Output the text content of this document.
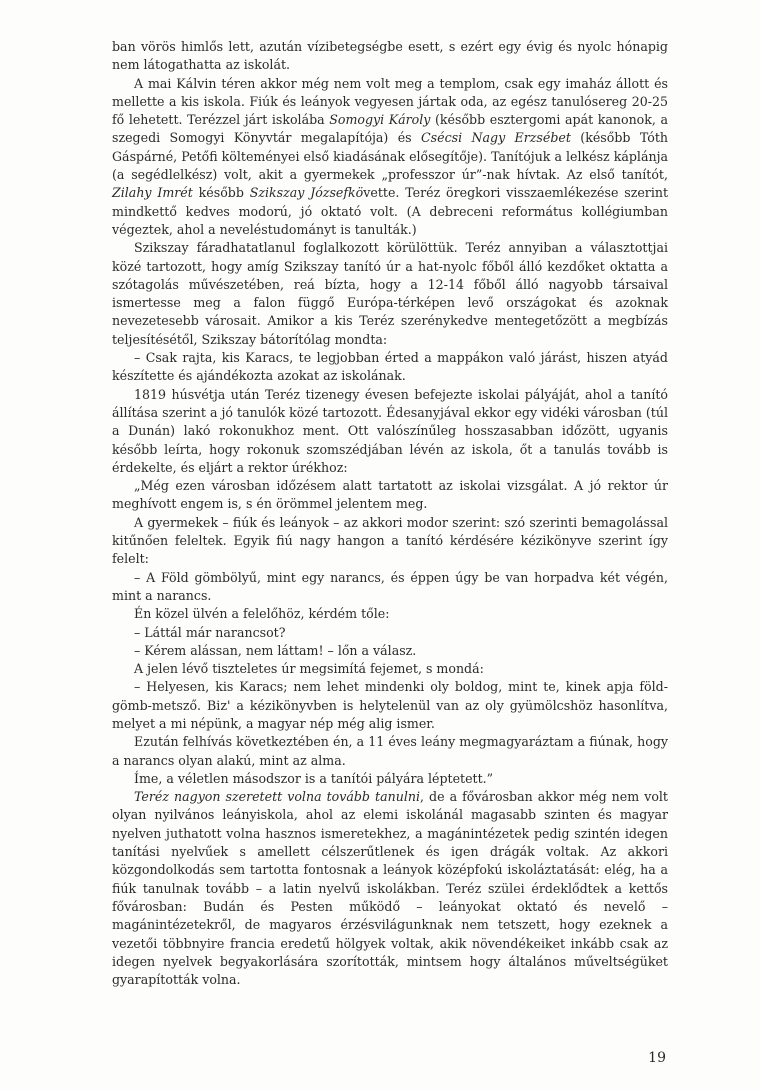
ban vörös himlős lett, azután vízibetegségbe esett, s ezért egy évig és nyolc hónapig nem látogathatta az iskolát.

A mai Kálvin téren akkor még nem volt meg a templom, csak egy imaház állott és mellette a kis iskola. Fiúk és leányok vegyesen jártak oda, az egész tanulósereg 20-25 fő lehetett. Terézzel járt iskolába Somogyi Károly (később esztergomi apát kanonok, a szegedi Somogyi Könyvtár megalapítója) és Csécsi Nagy Erzsébet (később Tóth Gáspárné, Petőfi költeményei első kiadásának elősegítője). Tanítójuk a lelkész káplánja (a segédlelkész) volt, akit a gyermekek „professzor úr”-nak hívtak. Az első tanítót, Zilahy Imrét később Szikszay Józsefkövette. Teréz öregkori visszaemlékezése szerint mindkettő kedves modorú, jó oktató volt. (A debreceni református kollégiumban végeztek, ahol a neveléstudományt is tanulták.)

Szikszay fáradhatatlanul foglalkozott körülöttük. Teréz annyiban a választottjai közé tartozott, hogy amíg Szikszay tanító úr a hat-nyolc főből álló kezdőket oktatta a szótagolás művészetében, reá bízta, hogy a 12-14 főből álló nagyobb társaival ismertesse meg a falon függő Európa-térképen levő országokat és azoknak nevezetesebb városait. Amikor a kis Teréz szerénykedve mentegetőzött a megbízás teljesítésétől, Szikszay bátorítólag mondta:

– Csak rajta, kis Karacs, te legjobban érted a mappákon való járást, hiszen atyád készítette és ajándékozta azokat az iskolának.

1819 húsvétja után Teréz tizenegy évesen befejezte iskolai pályáját, ahol a tanító állítása szerint a jó tanulók közé tartozott. Édesanyjával ekkor egy vidéki városban (túl a Dunán) lakó rokonukhoz ment. Ott valószínűleg hosszasabban időzött, ugyanis később leírta, hogy rokonuk szomszédjában lévén az iskola, őt a tanulás tovább is érdekelte, és eljárt a rektor úrékhoz:

„Még ezen városban időzésem alatt tartatott az iskolai vizsgálat. A jó rektor úr meghívott engem is, s én örömmel jelentem meg.

A gyermekek – fiúk és leányok – az akkori modor szerint: szó szerinti bemagolással kitűnően feleltek. Egyik fiú nagy hangon a tanító kérdésére kézikönyve szerint így felelt:

– A Föld gömbölyű, mint egy narancs, és éppen úgy be van horpadva két végén, mint a narancs.

Én közel ülvén a felelőhöz, kérdém tőle:

– Láttál már narancsot?

– Kérem alássan, nem láttam! – lőn a válasz.

A jelen lévő tiszteletes úr megsimítá fejemet, s mondá:

– Helyesen, kis Karacs; nem lehet mindenki oly boldog, mint te, kinek apja föld-gömb-metsző. Biz' a kézikönyvben is helytelenül van az oly gyümölcshöz hasonlítva, melyet a mi népünk, a magyar nép még alig ismer.

Ezután felhívás következtében én, a 11 éves leány megmagyaráztam a fiúnak, hogy a narancs olyan alakú, mint az alma.

Íme, a véletlen másodszor is a tanítói pályára léptetett.”

Teréz nagyon szeretett volna tovább tanulni, de a fővárosban akkor még nem volt olyan nyilvános leányiskola, ahol az elemi iskolánál magasabb szinten és magyar nyelven juthatott volna hasznos ismeretekhez, a magánintézetek pedig szintén idegen tanítási nyelvűek s amellett célszerűtlenek és igen drágák voltak. Az akkori közgondolkodás sem tartotta fontosnak a leányok középfokú iskoláztatását: elég, ha a fiúk tanulnak tovább – a latin nyelvű iskolákban. Teréz szülei érdeklődtek a kettős fővárosban: Budán és Pesten működő – leányokat oktató és nevelő – magánintézetekről, de magyaros érzésvilágunknak nem tetszett, hogy ezeknek a vezetői többnyire francia eredetű hölgyek voltak, akik növendékeiket inkább csak az idegen nyelvek begyakorlására szorították, mintsem hogy általános műveltségüket gyarapították volna.

19
